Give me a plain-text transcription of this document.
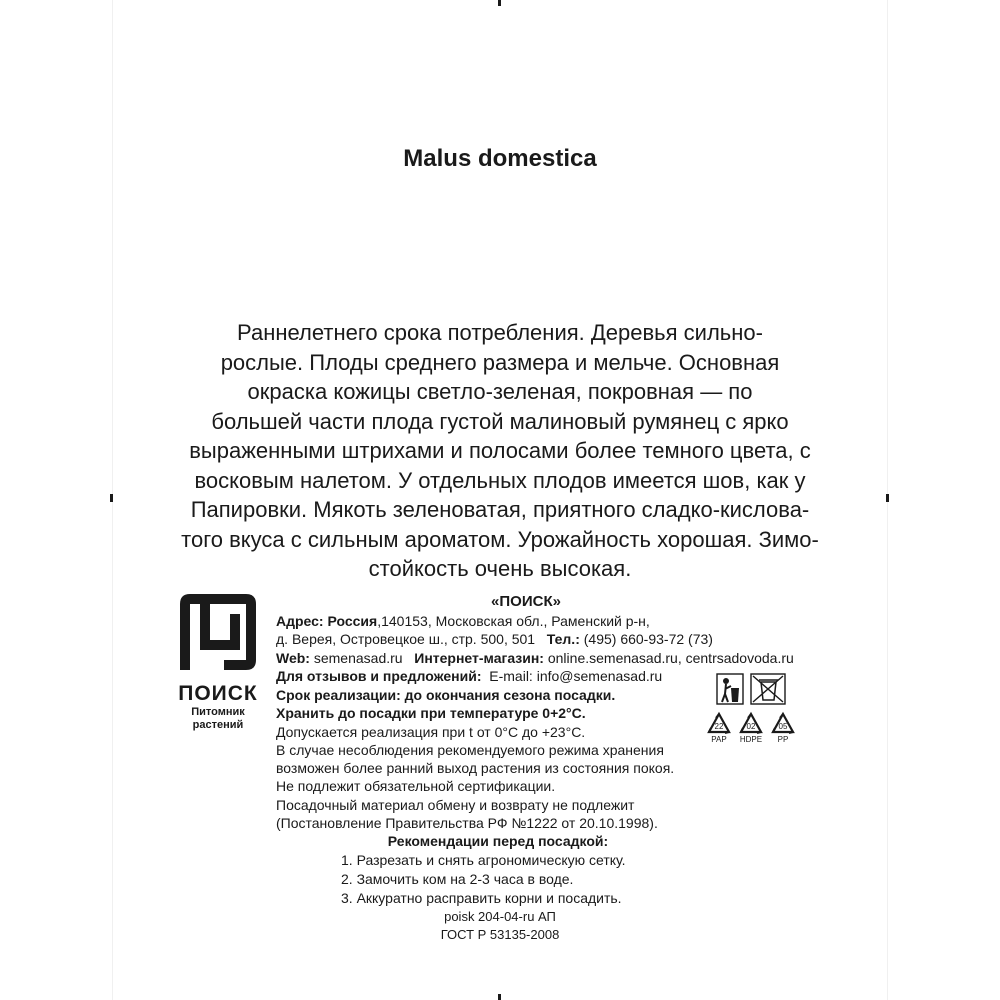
Malus domestica
Раннелетнего срока потребления. Деревья сильно-
рослые. Плоды среднего размера и мельче. Основная
окраска кожицы светло-зеленая, покровная — по
большей части плода густой малиновый румянец с ярко
выраженными штрихами и полосами более темного цвета, с
восковым налетом. У отдельных плодов имеется шов, как у
Папировки. Мякоть зеленоватая, приятного сладко-кислова-
того вкуса с сильным ароматом. Урожайность хорошая. Зимо-
стойкость очень высокая.
ПОИСК
Питомник
растений

«ПОИСК»

Адрес: Россия,140153, Московская обл., Раменский р-н,

д. Верея, Островецкое ш., стр. 500, 501 Тел.: (495) 660-93-72 (73)

Web: semenasad.ru Интернет-магазин: online.semenasad.ru, centrsadovoda.ru

Для отзывов и предложений: E-mail: info@semenasad.ru

Срок реализации: до окончания сезона посадки.

Хранить до посадки при температуре 0+2°С.

Допускается реализация при t от 0°C до +23°С.

В случае несоблюдения рекомендуемого режима хранения

возможен более ранний выход растения из состояния покоя.

Не подлежит обязательной сертификации.

Посадочный материал обмену и возврату не подлежит

(Постановление Правительства РФ №1222 от 20.10.1998).

22
PAP
02
HDPE
05
PP

Рекомендации перед посадкой:

1. Разрезать и снять агрономическую сетку.

2. Замочить ком на 2-3 часа в воде.

3. Аккуратно расправить корни и посадить.

poisk 204-04-ru АП

ГОСТ Р 53135-2008
